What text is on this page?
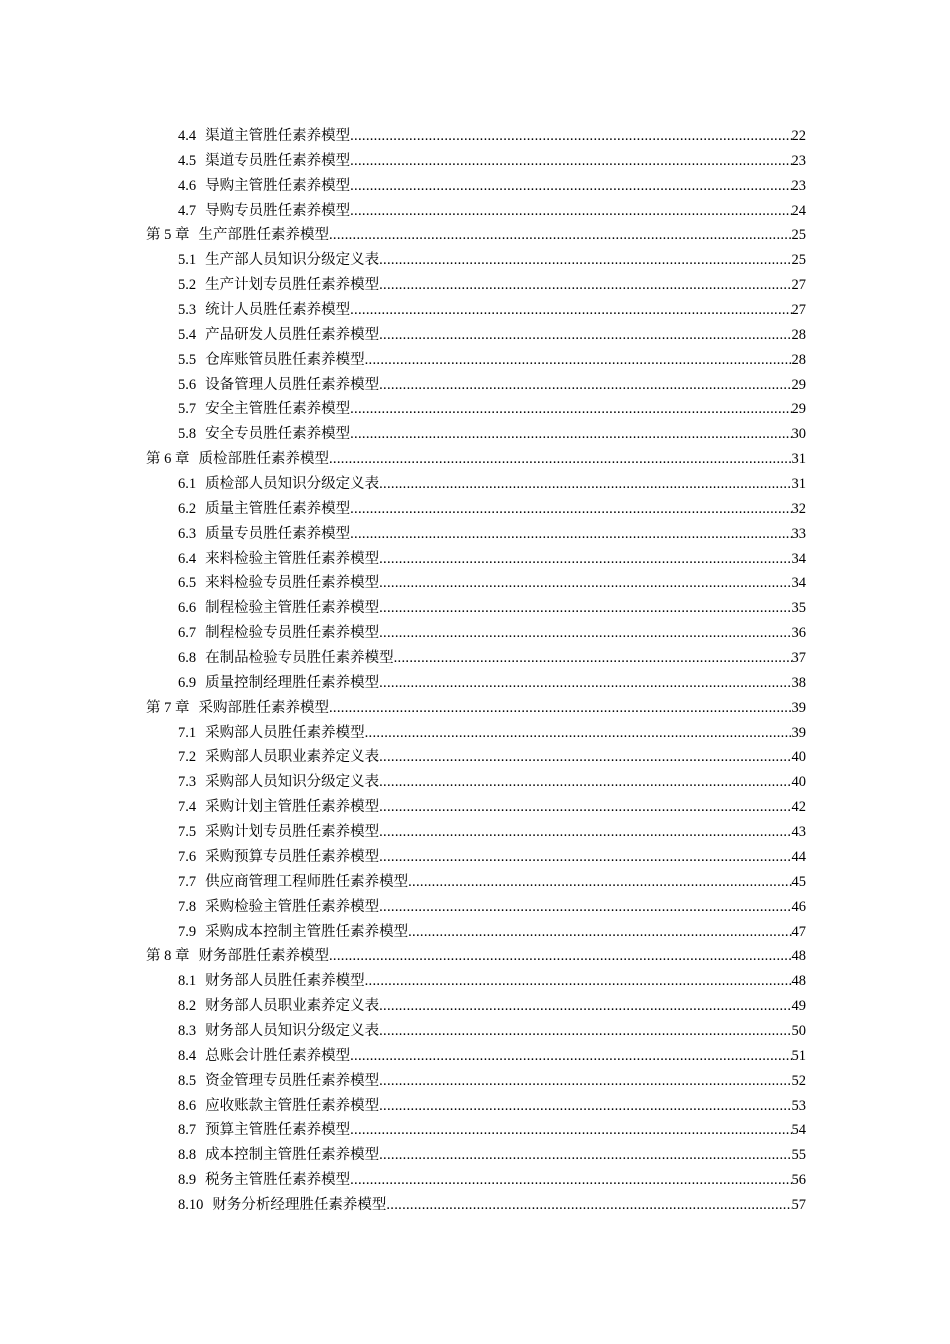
4.4 渠道主管胜任素养模型 .....	22
4.5 渠道专员胜任素养模型 .....	23
4.6 导购主管胜任素养模型 .....	23
4.7 导购专员胜任素养模型 .....	24
第 5 章 生产部胜任素养模型 .....	25
5.1 生产部人员知识分级定义表 .....	25
5.2 生产计划专员胜任素养模型 .....	27
5.3 统计人员胜任素养模型 .....	27
5.4 产品研发人员胜任素养模型 .....	28
5.5 仓库账管员胜任素养模型 .....	28
5.6 设备管理人员胜任素养模型 .....	29
5.7 安全主管胜任素养模型 .....	29
5.8 安全专员胜任素养模型 .....	30
第 6 章 质检部胜任素养模型 .....	31
6.1 质检部人员知识分级定义表 .....	31
6.2 质量主管胜任素养模型 .....	32
6.3 质量专员胜任素养模型 .....	33
6.4 来料检验主管胜任素养模型 .....	34
6.5 来料检验专员胜任素养模型 .....	34
6.6 制程检验主管胜任素养模型 .....	35
6.7 制程检验专员胜任素养模型 .....	36
6.8 在制品检验专员胜任素养模型 .....	37
6.9 质量控制经理胜任素养模型 .....	38
第 7 章 采购部胜任素养模型 .....	39
7.1 采购部人员胜任素养模型 .....	39
7.2 采购部人员职业素养定义表 .....	40
7.3 采购部人员知识分级定义表 .....	40
7.4 采购计划主管胜任素养模型 .....	42
7.5 采购计划专员胜任素养模型 .....	43
7.6 采购预算专员胜任素养模型 .....	44
7.7 供应商管理工程师胜任素养模型 .....	45
7.8 采购检验主管胜任素养模型 .....	46
7.9 采购成本控制主管胜任素养模型 .....	47
第 8 章 财务部胜任素养模型 .....	48
8.1 财务部人员胜任素养模型 .....	48
8.2 财务部人员职业素养定义表 .....	49
8.3 财务部人员知识分级定义表 .....	50
8.4 总账会计胜任素养模型 .....	51
8.5 资金管理专员胜任素养模型 .....	52
8.6 应收账款主管胜任素养模型 .....	53
8.7 预算主管胜任素养模型 .....	54
8.8 成本控制主管胜任素养模型 .....	55
8.9 税务主管胜任素养模型 .....	56
8.10 财务分析经理胜任素养模型 .....	57
